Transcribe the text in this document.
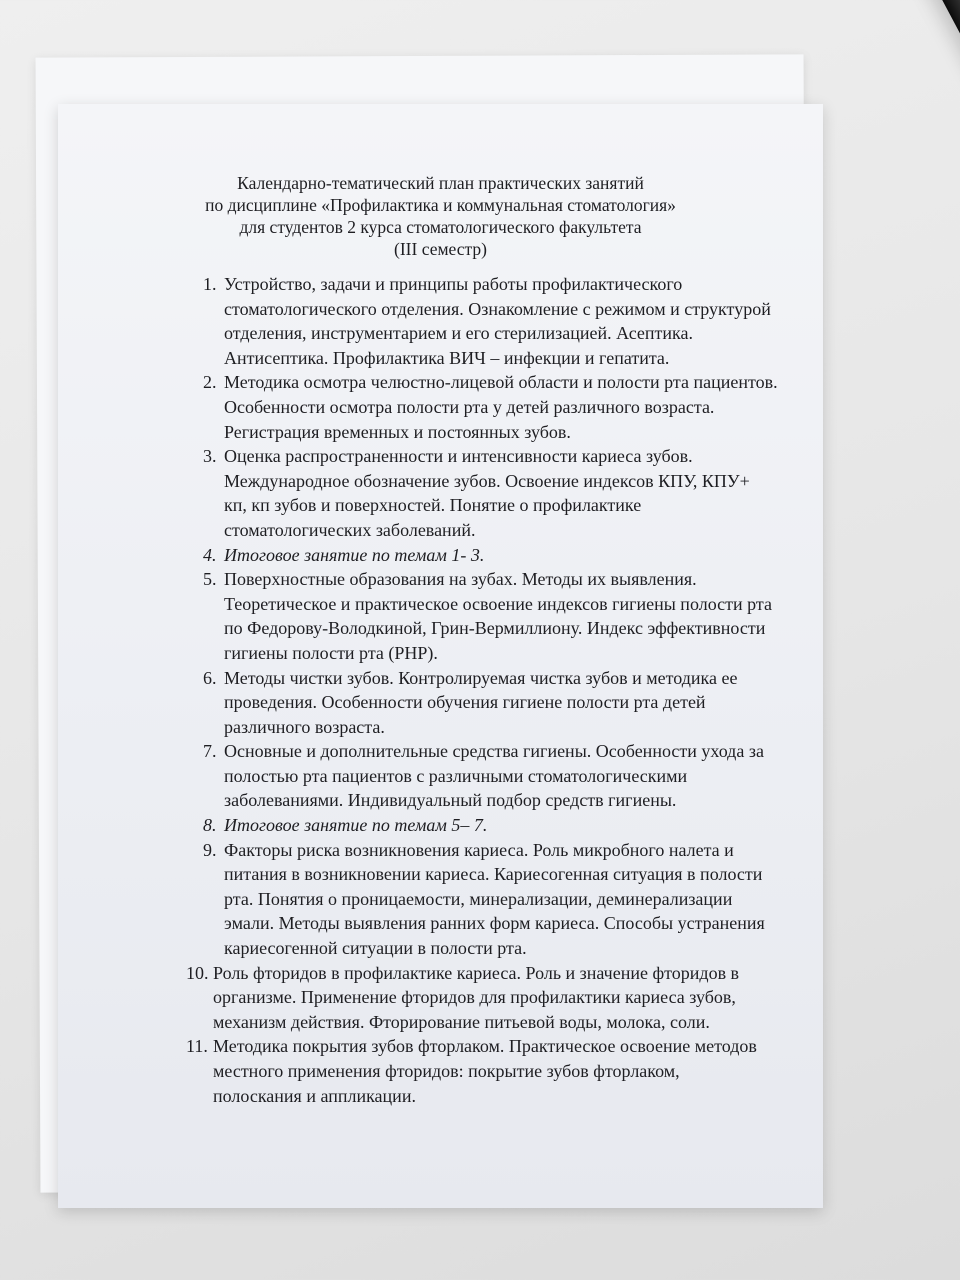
Календарно-тематический план практических занятий
по дисциплине «Профилактика и коммунальная стоматология»
для студентов 2 курса стоматологического факультета
(III семестр)
1. Устройство, задачи и принципы работы профилактического
стоматологического отделения. Ознакомление с режимом и структурой
отделения, инструментарием и его стерилизацией. Асептика.
Антисептика. Профилактика ВИЧ – инфекции и гепатита.
2. Методика осмотра челюстно-лицевой области и полости рта пациентов.
Особенности осмотра полости рта у детей различного возраста.
Регистрация временных и постоянных зубов.
3. Оценка распространенности и интенсивности кариеса зубов.
Международное обозначение зубов. Освоение индексов КПУ, КПУ+
кп, кп зубов и поверхностей. Понятие о профилактике
стоматологических заболеваний.
4. Итоговое занятие по темам 1- 3.
5. Поверхностные образования на зубах. Методы их выявления.
Теоретическое и практическое освоение индексов гигиены полости рта
по Федорову-Володкиной, Грин-Вермиллиону. Индекс эффективности
гигиены полости рта (PHP).
6. Методы чистки зубов. Контролируемая чистка зубов и методика ее
проведения. Особенности обучения гигиене полости рта детей
различного возраста.
7. Основные и дополнительные средства гигиены. Особенности ухода за
полостью рта пациентов с различными стоматологическими
заболеваниями. Индивидуальный подбор средств гигиены.
8. Итоговое занятие по темам 5– 7.
9. Факторы риска возникновения кариеса. Роль микробного налета и
питания в возникновении кариеса. Кариесогенная ситуация в полости
рта. Понятия о проницаемости, минерализации, деминерализации
эмали. Методы выявления ранних форм кариеса. Способы устранения
кариесогенной ситуации в полости рта.
10. Роль фторидов в профилактике кариеса. Роль и значение фторидов в
организме. Применение фторидов для профилактики кариеса зубов,
механизм действия. Фторирование питьевой воды, молока, соли.
11. Методика покрытия зубов фторлаком. Практическое освоение методов
местного применения фторидов: покрытие зубов фторлаком,
полоскания и аппликации.
